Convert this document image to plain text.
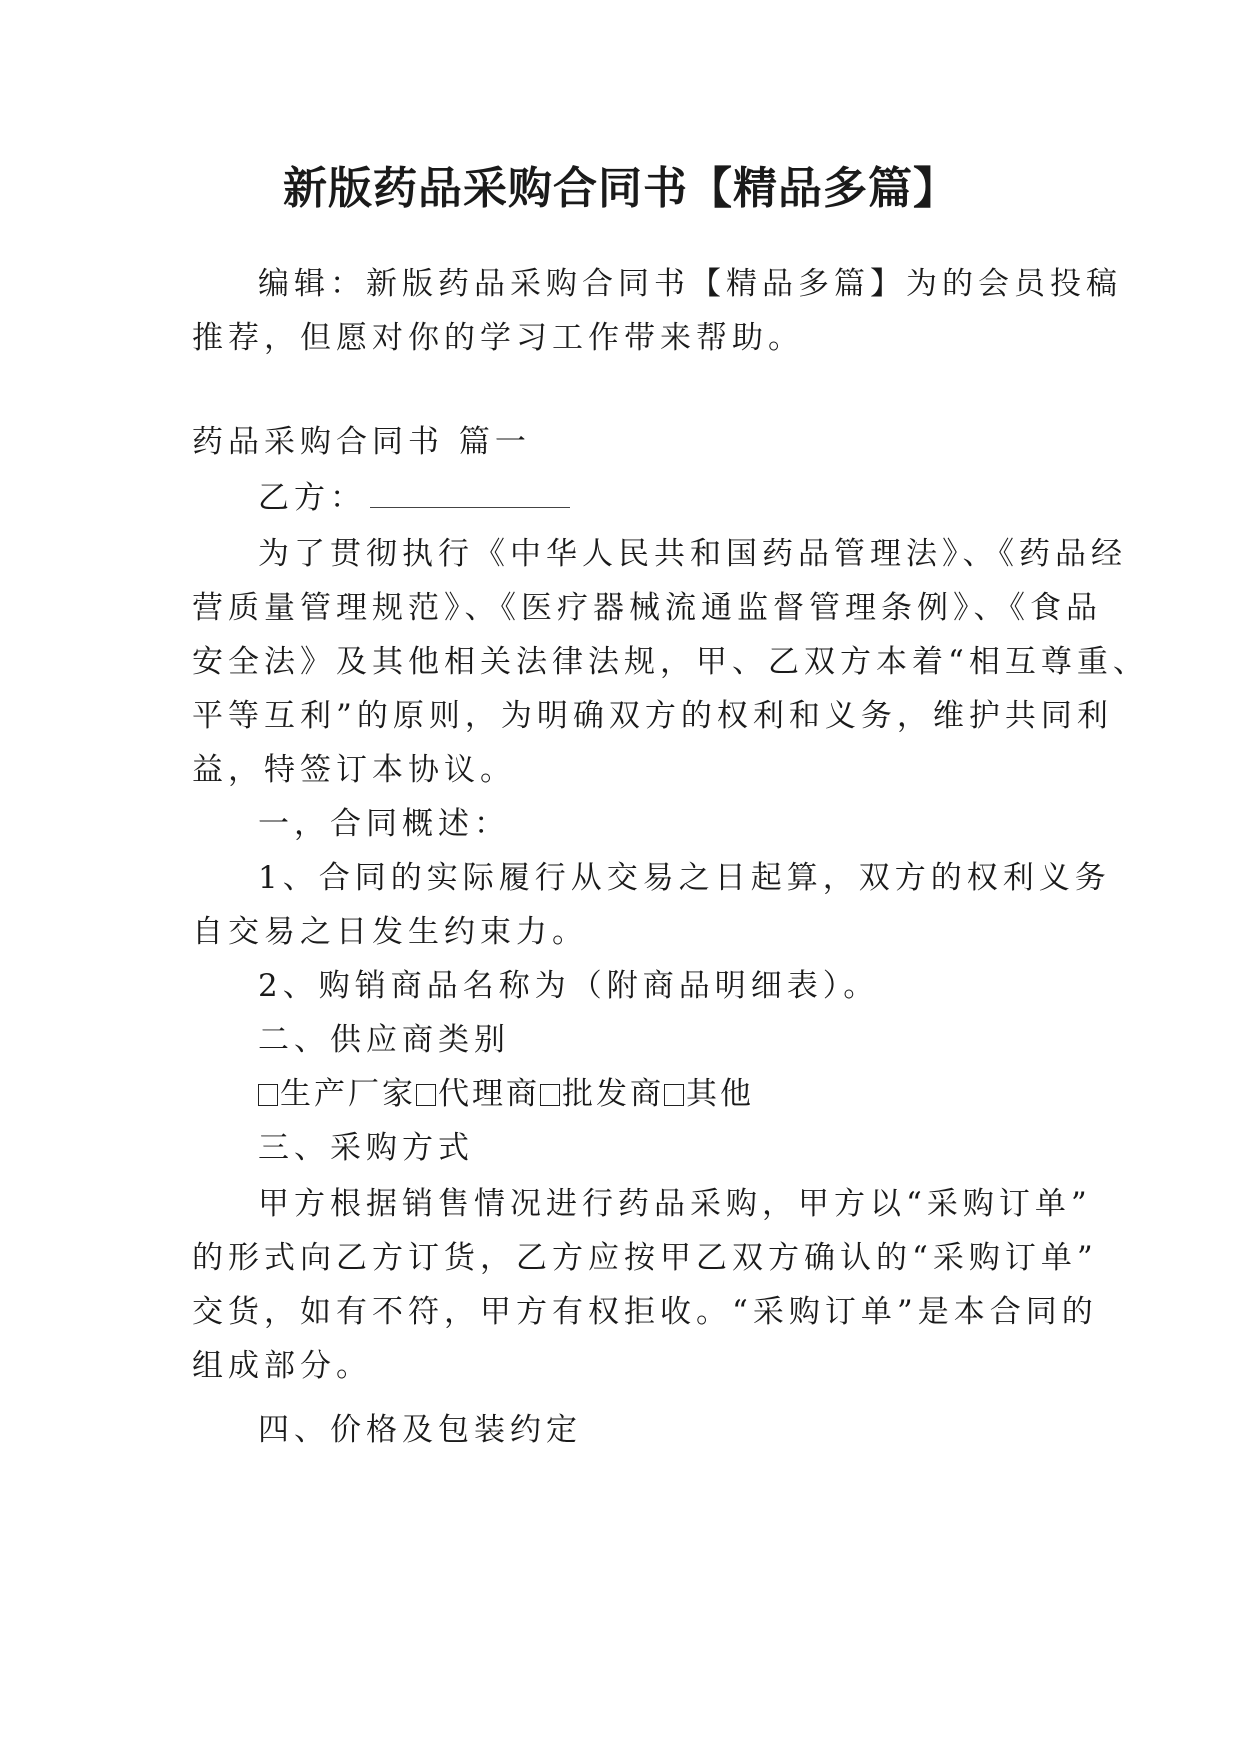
新版药品采购合同书【精品多篇】
编辑：新版药品采购合同书【精品多篇】为的会员投稿
推荐，但愿对你的学习工作带来帮助。
药品采购合同书 篇一
乙方：
为了贯彻执行《中华人民共和国药品管理法》、《药品经
营质量管理规范》、《医疗器械流通监督管理条例》、《食品
安全法》及其他相关法律法规，甲、乙双方本着“相互尊重、
平等互利”的原则，为明确双方的权利和义务，维护共同利
益，特签订本协议。
一，合同概述：
1、合同的实际履行从交易之日起算，双方的权利义务
自交易之日发生约束力。
2、购销商品名称为（附商品明细表）。
二、供应商类别
生产厂家 代理商 批发商 其他
三、采购方式
甲方根据销售情况进行药品采购，甲方以“采购订单”
的形式向乙方订货，乙方应按甲乙双方确认的“采购订单”
交货，如有不符，甲方有权拒收。“采购订单”是本合同的
组成部分。
四、价格及包装约定
